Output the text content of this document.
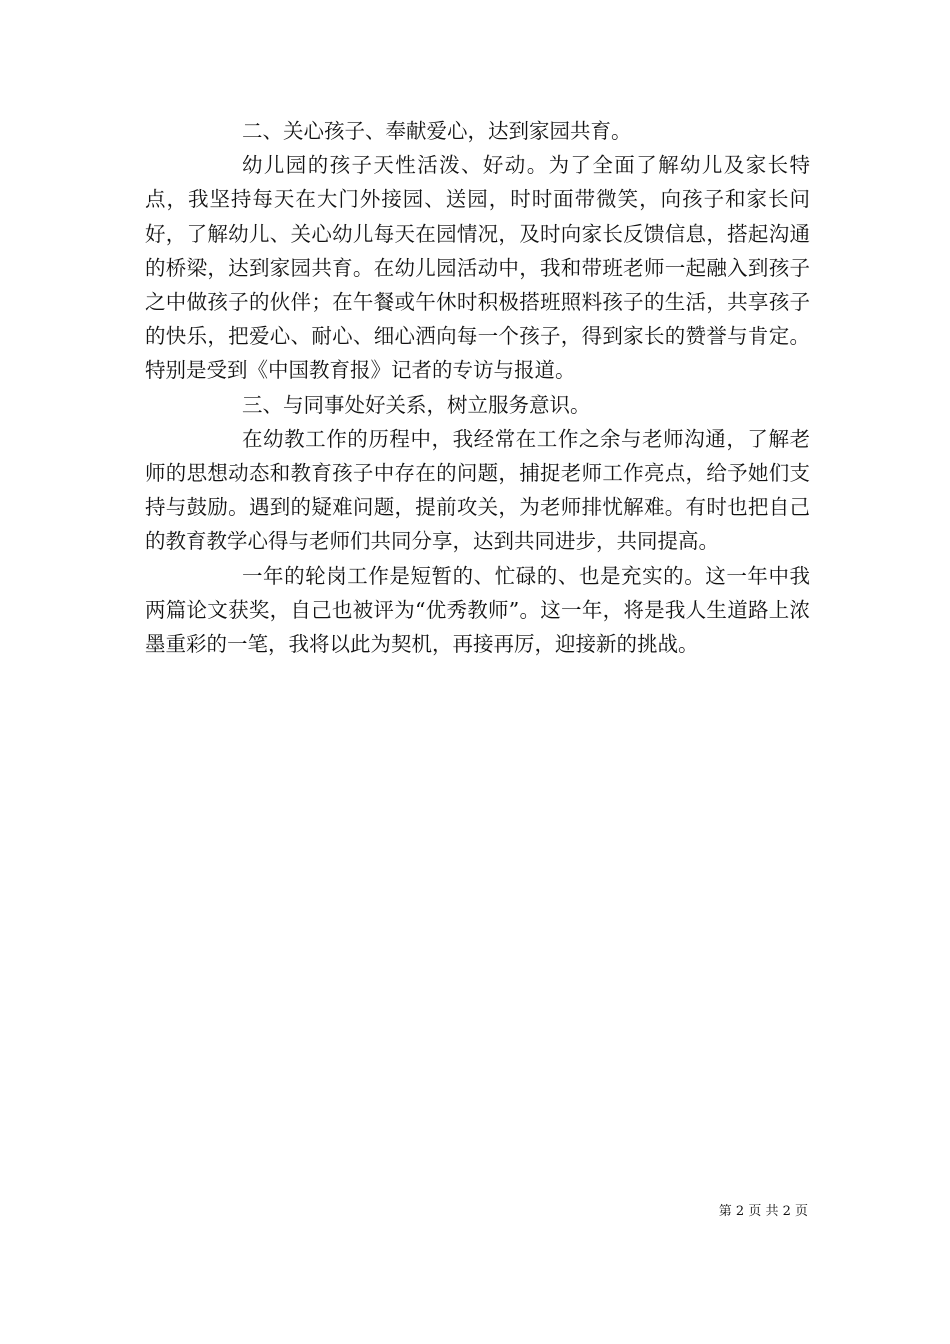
二、关心孩子、奉献爱心，达到家园共育。

幼儿园的孩子天性活泼、好动。为了全面了解幼儿及家长特点，我坚持每天在大门外接园、送园，时时面带微笑，向孩子和家长问好，了解幼儿、关心幼儿每天在园情况，及时向家长反馈信息，搭起沟通的桥梁，达到家园共育。在幼儿园活动中，我和带班老师一起融入到孩子之中做孩子的伙伴；在午餐或午休时积极搭班照料孩子的生活，共享孩子的快乐，把爱心、耐心、细心洒向每一个孩子，得到家长的赞誉与肯定。特别是受到《中国教育报》记者的专访与报道。

三、与同事处好关系，树立服务意识。

在幼教工作的历程中，我经常在工作之余与老师沟通，了解老师的思想动态和教育孩子中存在的问题，捕捉老师工作亮点，给予她们支持与鼓励。遇到的疑难问题，提前攻关，为老师排忧解难。有时也把自己的教育教学心得与老师们共同分享，达到共同进步，共同提高。

一年的轮岗工作是短暂的、忙碌的、也是充实的。这一年中我两篇论文获奖，自己也被评为“优秀教师”。这一年，将是我人生道路上浓墨重彩的一笔，我将以此为契机，再接再厉，迎接新的挑战。

第 2 页 共 2 页
